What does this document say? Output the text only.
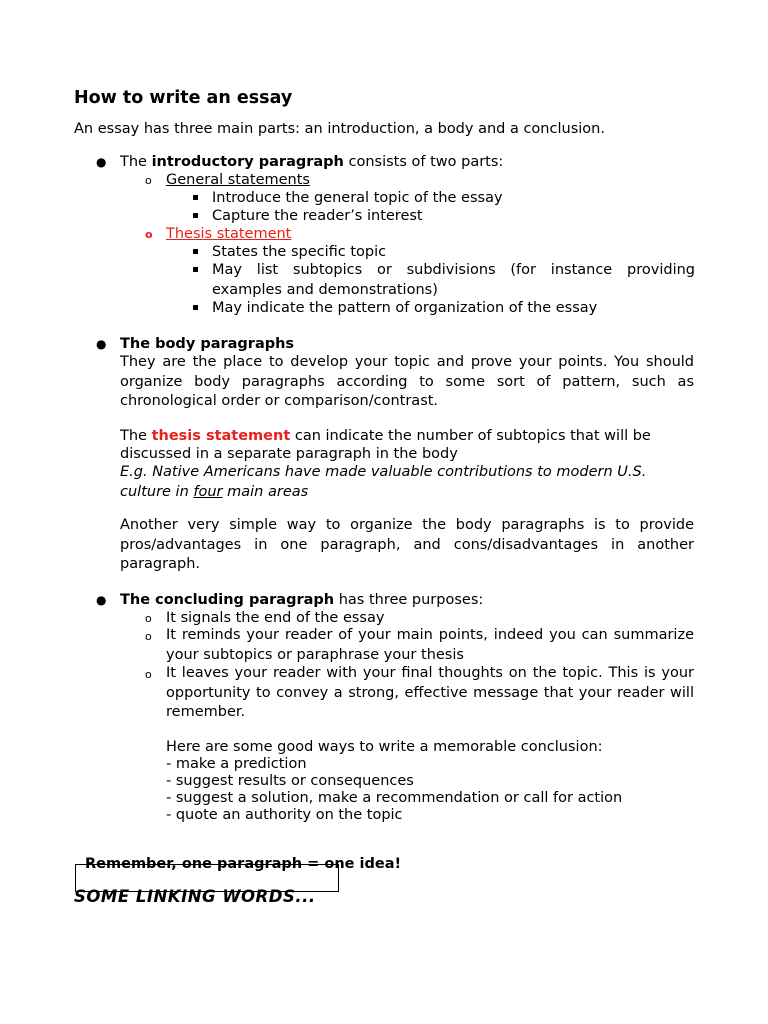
How to write an essay

An essay has three main parts: an introduction, a body and a conclusion.

● The introductory paragraph consists of two parts:

o General statements

Introduce the general topic of the essay

Capture the reader’s interest

o Thesis statement

States the specific topic

May list subtopics or subdivisions (for instance providing examples and demonstrations)

May indicate the pattern of organization of the essay

● The body paragraphs

They are the place to develop your topic and prove your points. You should organize body paragraphs according to some sort of pattern, such as chronological order or comparison/contrast.

The thesis statement can indicate the number of subtopics that will be

discussed in a separate paragraph in the body

E.g. Native Americans have made valuable contributions to modern U.S.

culture in four main areas

Another very simple way to organize the body paragraphs is to provide pros/advantages in one paragraph, and cons/disadvantages in another paragraph.

● The concluding paragraph has three purposes:

o It signals the end of the essay

o It reminds your reader of your main points, indeed you can summarize your subtopics or paraphrase your thesis

o It leaves your reader with your final thoughts on the topic. This is your opportunity to convey a strong, effective message that your reader will remember.

Here are some good ways to write a memorable conclusion:

- make a prediction

- suggest results or consequences

- suggest a solution, make a recommendation or call for action

- quote an authority on the topic

Remember, one paragraph = one idea!

SOME LINKING WORDS...
